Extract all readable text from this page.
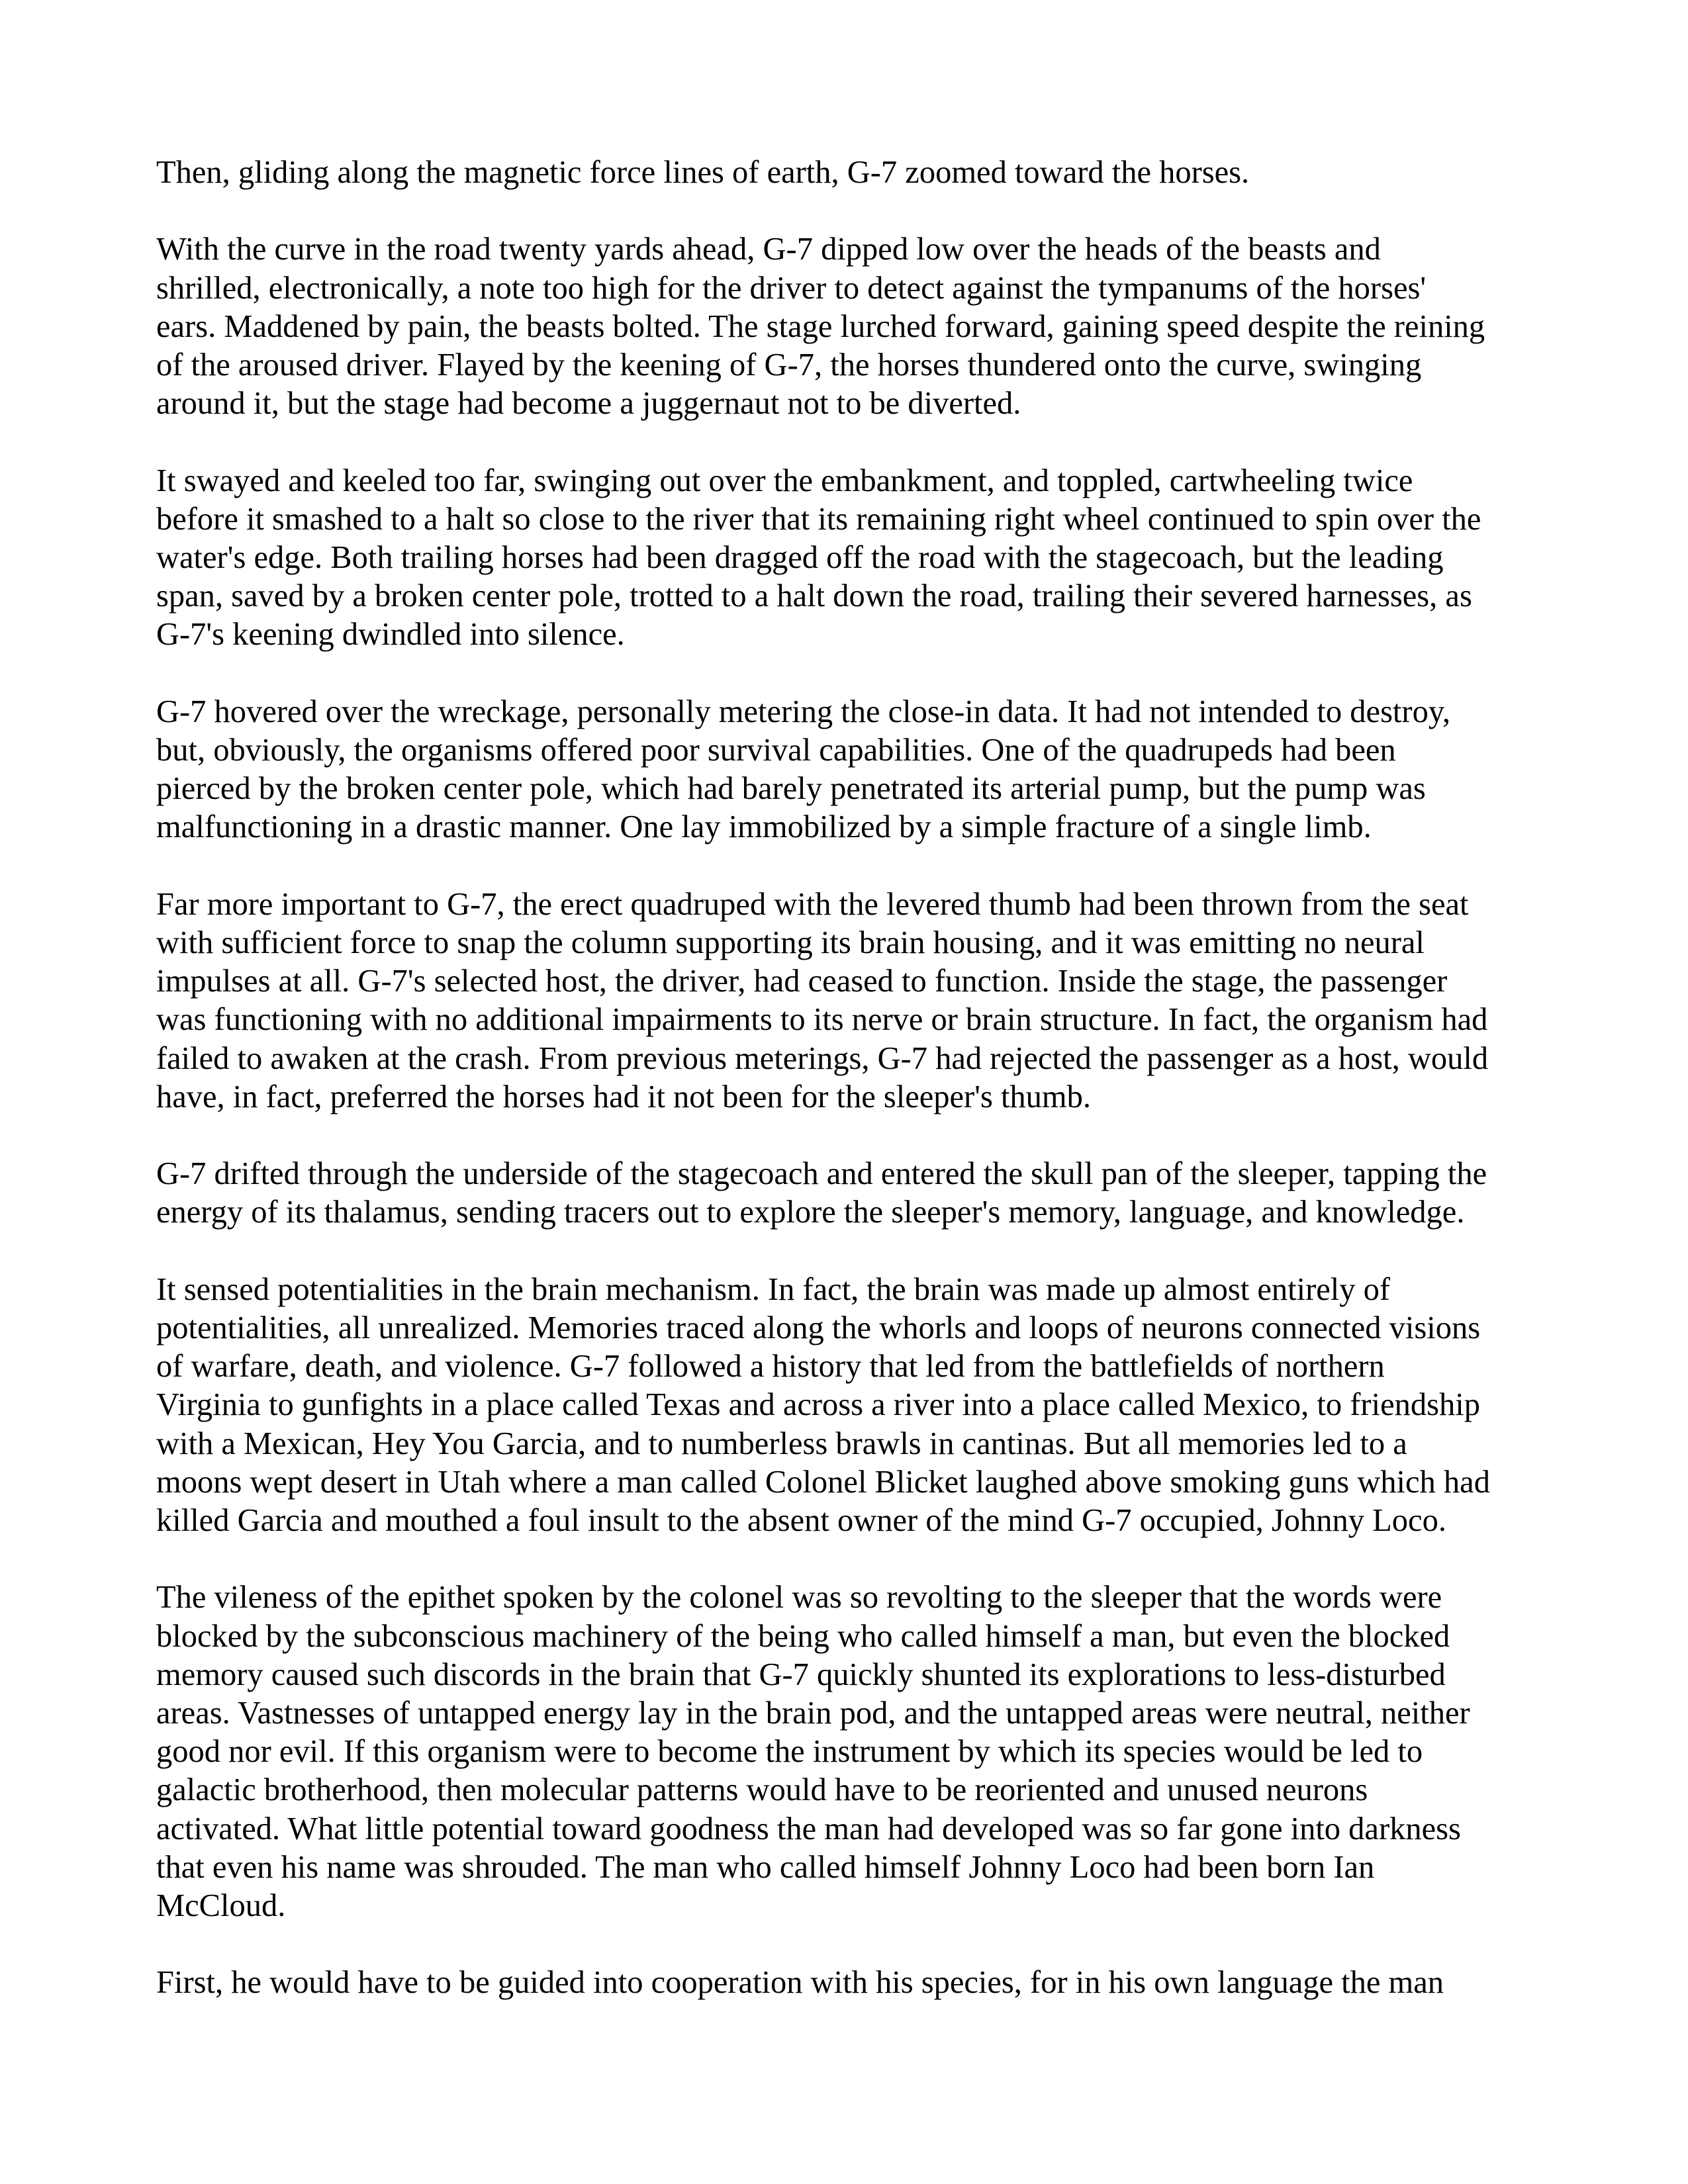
Then, gliding along the magnetic force lines of earth, G-7 zoomed toward the horses.

With the curve in the road twenty yards ahead, G-7 dipped low over the heads of the beasts and
shrilled, electronically, a note too high for the driver to detect against the tympanums of the horses'
ears. Maddened by pain, the beasts bolted. The stage lurched forward, gaining speed despite the reining
of the aroused driver. Flayed by the keening of G-7, the horses thundered onto the curve, swinging
around it, but the stage had become a juggernaut not to be diverted.

It swayed and keeled too far, swinging out over the embankment, and toppled, cartwheeling twice
before it smashed to a halt so close to the river that its remaining right wheel continued to spin over the
water's edge. Both trailing horses had been dragged off the road with the stagecoach, but the leading
span, saved by a broken center pole, trotted to a halt down the road, trailing their severed harnesses, as
G-7's keening dwindled into silence.

G-7 hovered over the wreckage, personally metering the close-in data. It had not intended to destroy,
but, obviously, the organisms offered poor survival capabilities. One of the quadrupeds had been
pierced by the broken center pole, which had barely penetrated its arterial pump, but the pump was
malfunctioning in a drastic manner. One lay immobilized by a simple fracture of a single limb.

Far more important to G-7, the erect quadruped with the levered thumb had been thrown from the seat
with sufficient force to snap the column supporting its brain housing, and it was emitting no neural
impulses at all. G-7's selected host, the driver, had ceased to function. Inside the stage, the passenger
was functioning with no additional impairments to its nerve or brain structure. In fact, the organism had
failed to awaken at the crash. From previous meterings, G-7 had rejected the passenger as a host, would
have, in fact, preferred the horses had it not been for the sleeper's thumb.

G-7 drifted through the underside of the stagecoach and entered the skull pan of the sleeper, tapping the
energy of its thalamus, sending tracers out to explore the sleeper's memory, language, and knowledge.

It sensed potentialities in the brain mechanism. In fact, the brain was made up almost entirely of
potentialities, all unrealized. Memories traced along the whorls and loops of neurons connected visions
of warfare, death, and violence. G-7 followed a history that led from the battlefields of northern
Virginia to gunfights in a place called Texas and across a river into a place called Mexico, to friendship
with a Mexican, Hey You Garcia, and to numberless brawls in cantinas. But all memories led to a
moons wept desert in Utah where a man called Colonel Blicket laughed above smoking guns which had
killed Garcia and mouthed a foul insult to the absent owner of the mind G-7 occupied, Johnny Loco.

The vileness of the epithet spoken by the colonel was so revolting to the sleeper that the words were
blocked by the subconscious machinery of the being who called himself a man, but even the blocked
memory caused such discords in the brain that G-7 quickly shunted its explorations to less-disturbed
areas. Vastnesses of untapped energy lay in the brain pod, and the untapped areas were neutral, neither
good nor evil. If this organism were to become the instrument by which its species would be led to
galactic brotherhood, then molecular patterns would have to be reoriented and unused neurons
activated. What little potential toward goodness the man had developed was so far gone into darkness
that even his name was shrouded. The man who called himself Johnny Loco had been born Ian
McCloud.

First, he would have to be guided into cooperation with his species, for in his own language the man
